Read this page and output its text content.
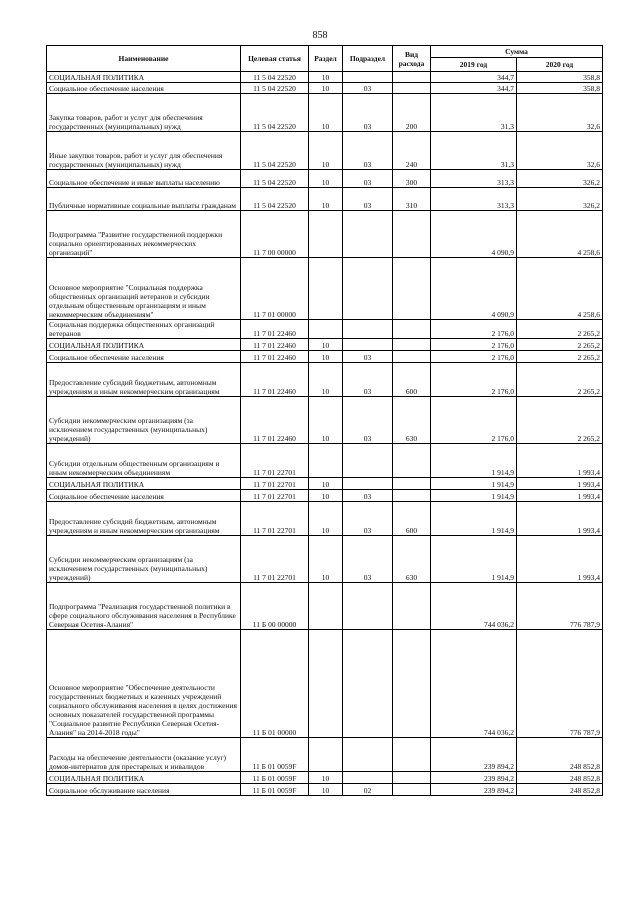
858
Наименование	Целевая статья	Раздел	Подраздел	Вид расхода	Сумма	
					2019 год	2020 год
СОЦИАЛЬНАЯ ПОЛИТИКА	11 5 04 22520	10			344,7	358,8
Социальное обеспечение населения	11 5 04 22520	10	03		344,7	358,8
Закупка товаров, работ и услуг для обеспечения государственных (муниципальных) нужд	11 5 04 22520	10	03	200	31,3	32,6
Иные закупки товаров, работ и услуг для обеспечения государственных (муниципальных) нужд	11 5 04 22520	10	03	240	31,3	32,6
Социальное обеспечение и иные выплаты населению	11 5 04 22520	10	03	300	313,3	326,2
Публичные нормативные социальные выплаты гражданам	11 5 04 22520	10	03	310	313,3	326,2
Подпрограмма "Развитие государственной поддержки социально ориентированных некоммерческих организаций"	11 7 00 00000				4 090,9	4 258,6
Основное мероприятие "Социальная поддержка общественных организаций ветеранов и субсидии отдельным общественным организациям и иным некоммерческим объединениям"	11 7 01 00000				4 090,9	4 258,6
Социальная поддержка общественных организаций ветеранов	11 7 01 22460				2 176,0	2 265,2
СОЦИАЛЬНАЯ ПОЛИТИКА	11 7 01 22460	10			2 176,0	2 265,2
Социальное обеспечение населения	11 7 01 22460	10	03		2 176,0	2 265,2
Предоставление субсидий бюджетным, автономным учреждениям и иным некоммерческим организациям	11 7 01 22460	10	03	600	2 176,0	2 265,2
Субсидии некоммерческим организациям (за исключением государственных (муниципальных) учреждений)	11 7 01 22460	10	03	630	2 176,0	2 265,2
Субсидии отдельным общественным организациям и иным некоммерческим объединениям	11 7 01 22701				1 914,9	1 993,4
СОЦИАЛЬНАЯ ПОЛИТИКА	11 7 01 22701	10			1 914,9	1 993,4
Социальное обеспечение населения	11 7 01 22701	10	03		1 914,9	1 993,4
Предоставление субсидий бюджетным, автономным учреждениям и иным некоммерческим организациям	11 7 01 22701	10	03	600	1 914,9	1 993,4
Субсидии некоммерческим организациям (за исключением государственных (муниципальных) учреждений)	11 7 01 22701	10	03	630	1 914,9	1 993,4
Подпрограмма "Реализация государственной политики в сфере социального обслуживания населения в Республике Северная Осетия-Алания"	11 Б 00 00000				744 036,2	776 787,9
Основное мероприятие "Обеспечение деятельности государственных бюджетных и казенных учреждений социального обслуживания населения в целях достижения основных показателей государственной программы "Социальное развитие Республики Северная Осетия-Алания" на 2014-2018 годы"	11 Б 01 00000				744 036,2	776 787,9
Расходы на обеспечение деятельности (оказание услуг) домов-интернатов для престарелых и инвалидов	11 Б 01 0059F				239 894,2	248 852,8
СОЦИАЛЬНАЯ ПОЛИТИКА	11 Б 01 0059F	10			239 894,2	248 852,8
Социальное обслуживание населения	11 Б 01 0059F	10	02		239 894,2	248 852,8
